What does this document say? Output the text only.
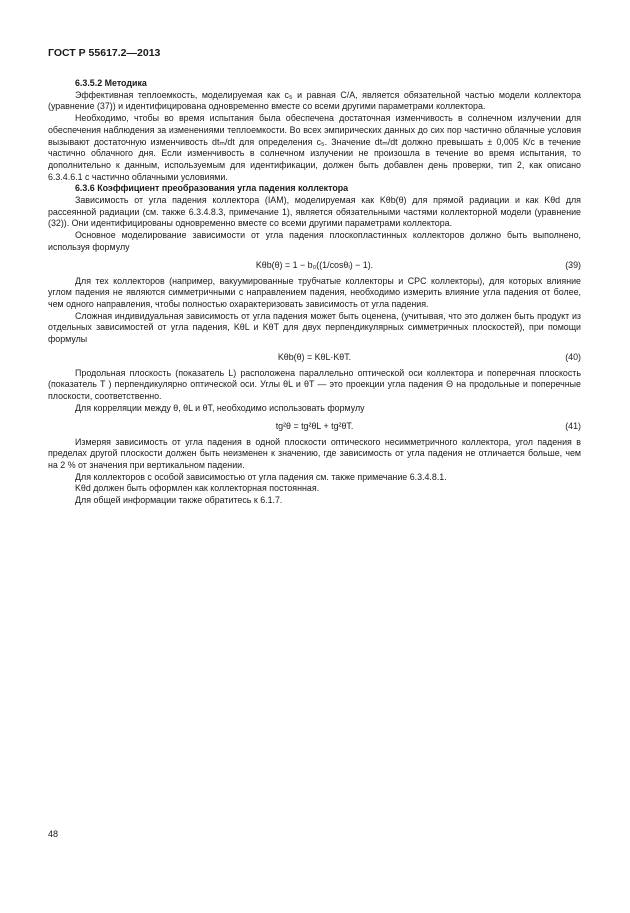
ГОСТ Р 55617.2—2013

6.3.5.2 Методика

Эффективная теплоемкость, моделируемая как c₅ и равная C/A, является обязательной частью модели коллектора (уравнение (37)) и идентифицирована одновременно вместе со всеми другими параметрами коллектора.

Необходимо, чтобы во время испытания была обеспечена достаточная изменчивость в солнечном излучении для обеспечения наблюдения за изменениями теплоемкости. Во всех эмпирических данных до сих пор частично облачные условия вызывают достаточную изменчивость dtₘ/dt для определения c₅. Значение dtₘ/dt должно превышать ± 0,005 К/с в течение частично облачного дня. Если изменчивость в солнечном излучении не произошла в течение во время испытания, то дополнительно к данным, используемым для идентификации, должен быть добавлен день проверки, тип 2, как описано 6.3.4.6.1 с частично облачными условиями.

6.3.6 Коэффициент преобразования угла падения коллектора

Зависимость от угла падения коллектора (IAM), моделируемая как Kθb(θ) для прямой радиации и как Kθd для рассеянной радиации (см. также 6.3.4.8.3, примечание 1), является обязательными частями коллекторной модели (уравнение (32)). Они идентифицированы одновременно вместе со всеми другими параметрами коллектора.

Основное моделирование зависимости от угла падения плоскопластинных коллекторов должно быть выполнено, используя формулу

Kθb(θ) = 1 − b₀((1/cosθᵢ) − 1).	(39)

Для тех коллекторов (например, вакуумированные трубчатые коллекторы и CPC коллекторы), для которых влияние углом падения не являются симметричными с направлением падения, необходимо измерить влияние угла падения от более, чем одного направления, чтобы полностью охарактеризовать зависимость от угла падения.

Сложная индивидуальная зависимость от угла падения может быть оценена, (учитывая, что это должен быть продукт из отдельных зависимостей от угла падения, KθL и KθT для двух перпендикулярных симметричных плоскостей), при помощи формулы

Kθb(θ) = KθL·KθT.	(40)

Продольная плоскость (показатель L) расположена параллельно оптической оси коллектора и поперечная плоскость (показатель T ) перпендикулярно оптической оси. Углы θL и θT — это проекции угла падения Θ на продольные и поперечные плоскости, соответственно.

Для корреляции между θ, θL и θT, необходимо использовать формулу

tg²θ = tg²θL + tg²θT.	(41)

Измеряя зависимость от угла падения в одной плоскости оптического несимметричного коллектора, угол падения в пределах другой плоскости должен быть неизменен к значению, где зависимость от угла падения не отличается больше, чем на 2 % от значения при вертикальном падении.

Для коллекторов с особой зависимостью от угла падения см. также примечание 6.3.4.8.1.

Kθd должен быть оформлен как коллекторная постоянная.

Для общей информации также обратитесь к 6.1.7.

48
